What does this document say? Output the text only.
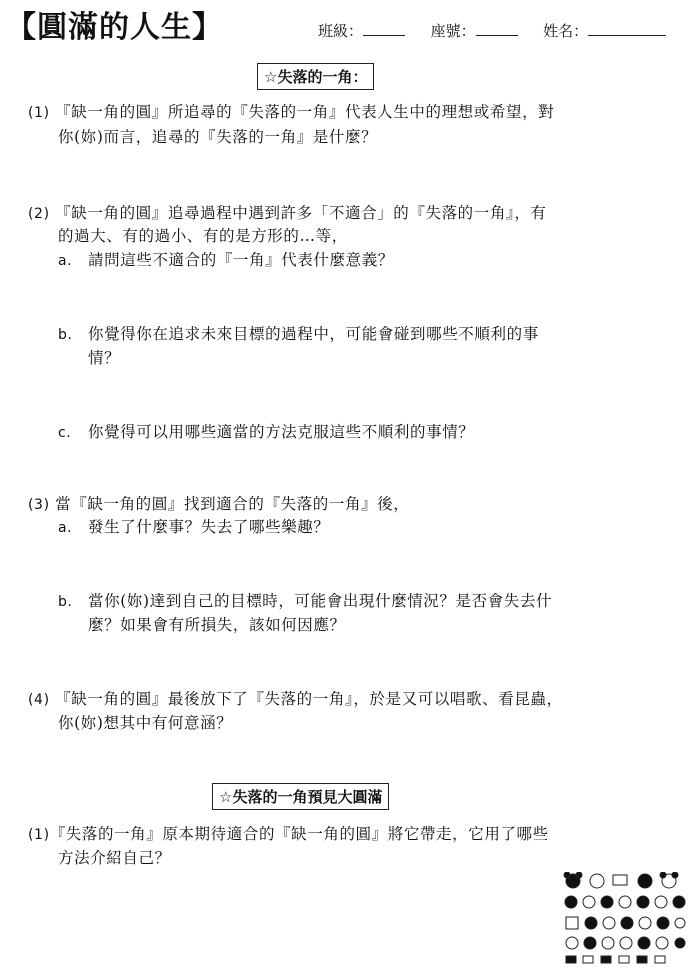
【圓滿的人生】	班級：	座號：	姓名：
☆失落的一角：
(1) 『缺一角的圓』所追尋的『失落的一角』代表人生中的理想或希望，對
你(妳)而言，追尋的『失落的一角』是什麼？
(2) 『缺一角的圓』追尋過程中遇到許多「不適合」的『失落的一角』，有
的過大、有的過小、有的是方形的…等，
a. 請問這些不適合的『一角』代表什麼意義？
b. 你覺得你在追求未來目標的過程中，可能會碰到哪些不順利的事
情？
c. 你覺得可以用哪些適當的方法克服這些不順利的事情？
(3) 當『缺一角的圓』找到適合的『失落的一角』後，
a. 發生了什麼事？失去了哪些樂趣？
b. 當你(妳)達到自己的目標時，可能會出現什麼情況？是否會失去什
麼？如果會有所損失，該如何因應？
(4) 『缺一角的圓』最後放下了『失落的一角』，於是又可以唱歌、看昆蟲，
你(妳)想其中有何意涵？
☆失落的一角預見大圓滿
(1)『失落的一角』原本期待適合的『缺一角的圓』將它帶走，它用了哪些
方法介紹自己？
